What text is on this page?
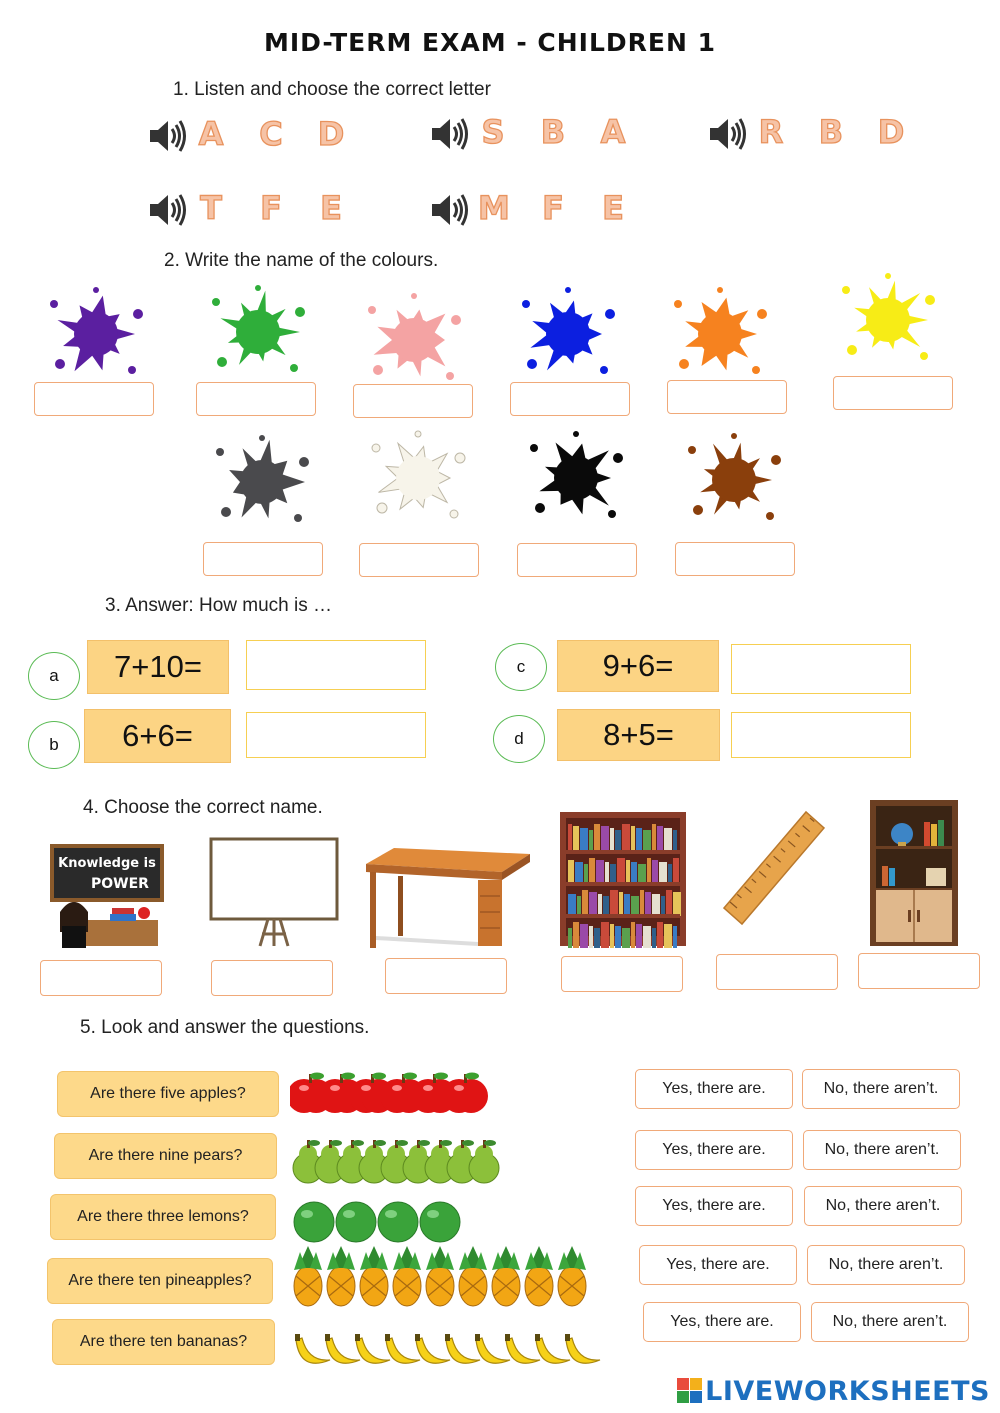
MID-TERM EXAM - CHILDREN 1
1. Listen and choose the correct letter
A C D	S B A	R B D
T F E	M F E
2. Write the name of the colours.
3. Answer: How much is …
a	7+10=
b	6+6=
c	9+6=
d	8+5=
4. Choose the correct name.
Knowledge is
POWER
5. Look and answer the questions.
Are there five apples?	Yes, there are.	No, there aren’t.
Are there nine pears?	Yes, there are.	No, there aren’t.
Are there three lemons?
Yes, there are.	No, there aren’t.
Are there ten pineapples?
Yes, there are.	No, there aren’t.
Are there ten bananas?
Yes, there are.	No, there aren’t.
LIVEWORKSHEETS
